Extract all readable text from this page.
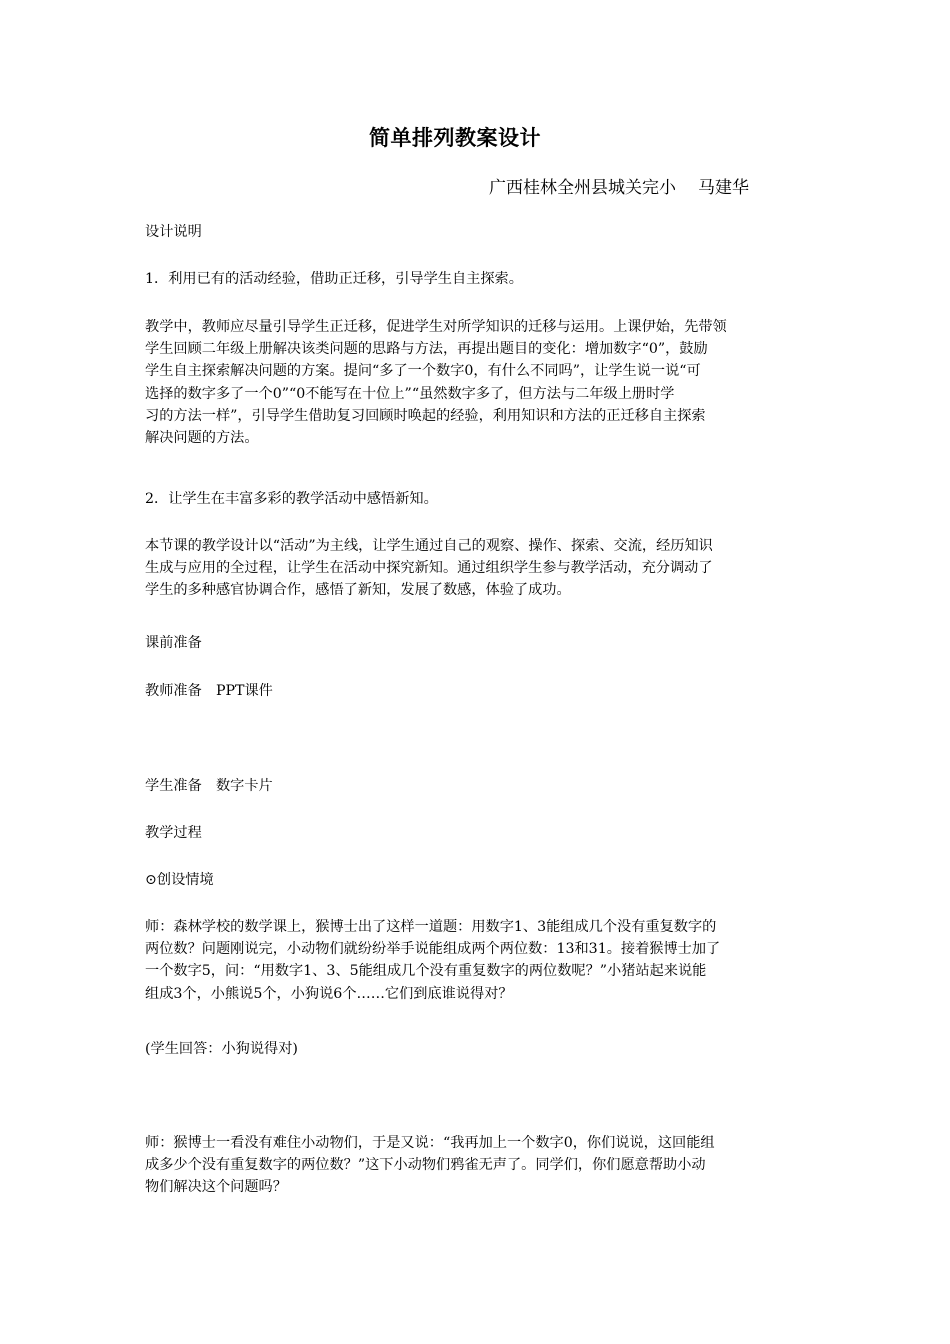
简单排列教案设计
广西桂林全州县城关完小 马建华
设计说明
1．利用已有的活动经验，借助正迁移，引导学生自主探索。
教学中，教师应尽量引导学生正迁移，促进学生对所学知识的迁移与运用。上课伊始，先带领
学生回顾二年级上册解决该类问题的思路与方法，再提出题目的变化：增加数字“0”，鼓励
学生自主探索解决问题的方案。提问“多了一个数字0，有什么不同吗”，让学生说一说“可
选择的数字多了一个0”“0不能写在十位上”“虽然数字多了，但方法与二年级上册时学
习的方法一样”，引导学生借助复习回顾时唤起的经验，利用知识和方法的正迁移自主探索
解决问题的方法。
2．让学生在丰富多彩的教学活动中感悟新知。
本节课的教学设计以“活动”为主线，让学生通过自己的观察、操作、探索、交流，经历知识
生成与应用的全过程，让学生在活动中探究新知。通过组织学生参与教学活动，充分调动了
学生的多种感官协调合作，感悟了新知，发展了数感，体验了成功。
课前准备
教师准备　PPT课件
学生准备　数字卡片
教学过程
⊙创设情境
师：森林学校的数学课上，猴博士出了这样一道题：用数字1、3能组成几个没有重复数字的
两位数？问题刚说完，小动物们就纷纷举手说能组成两个两位数：13和31。接着猴博士加了
一个数字5，问：“用数字1、3、5能组成几个没有重复数字的两位数呢？”小猪站起来说能
组成3个，小熊说5个，小狗说6个……它们到底谁说得对？
(学生回答：小狗说得对)
师：猴博士一看没有难住小动物们，于是又说：“我再加上一个数字0，你们说说，这回能组
成多少个没有重复数字的两位数？”这下小动物们鸦雀无声了。同学们，你们愿意帮助小动
物们解决这个问题吗？
